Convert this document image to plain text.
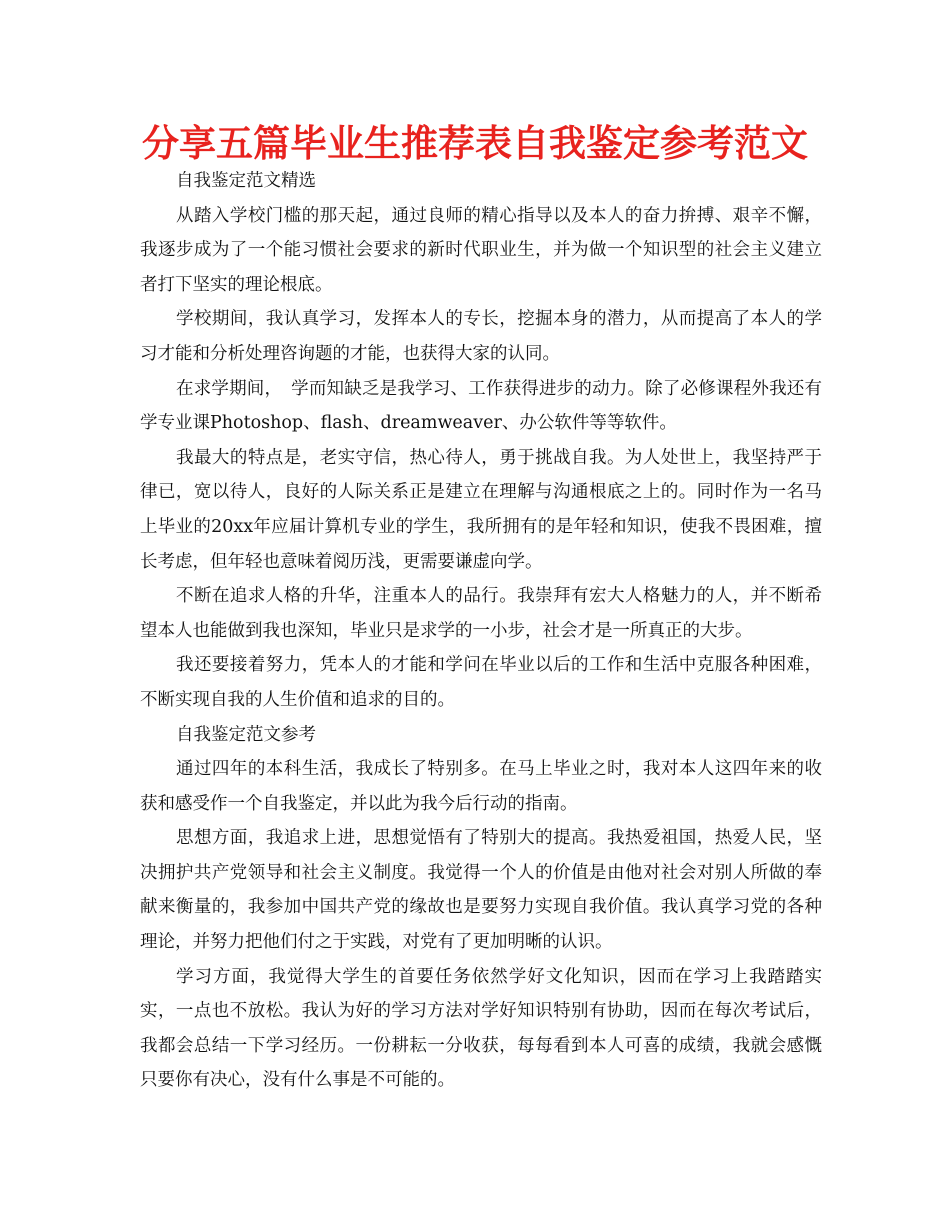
分享五篇毕业生推荐表自我鉴定参考范文

自我鉴定范文精选

从踏入学校门槛的那天起，通过良师的精心指导以及本人的奋力拚搏、艰辛不懈，我逐步成为了一个能习惯社会要求的新时代职业生，并为做一个知识型的社会主义建立者打下坚实的理论根底。

学校期间，我认真学习，发挥本人的专长，挖掘本身的潜力，从而提高了本人的学习才能和分析处理咨询题的才能，也获得大家的认同。

在求学期间，　学而知缺乏是我学习、工作获得进步的动力。除了必修课程外我还有学专业课Photoshop、flash、dreamweaver、办公软件等等软件。

我最大的特点是，老实守信，热心待人，勇于挑战自我。为人处世上，我坚持严于律已，宽以待人，良好的人际关系正是建立在理解与沟通根底之上的。同时作为一名马上毕业的20xx年应届计算机专业的学生，我所拥有的是年轻和知识，使我不畏困难，擅长考虑，但年轻也意味着阅历浅，更需要谦虚向学。

不断在追求人格的升华，注重本人的品行。我崇拜有宏大人格魅力的人，并不断希望本人也能做到我也深知，毕业只是求学的一小步，社会才是一所真正的大步。

我还要接着努力，凭本人的才能和学问在毕业以后的工作和生活中克服各种困难，不断实现自我的人生价值和追求的目的。

自我鉴定范文参考

通过四年的本科生活，我成长了特别多。在马上毕业之时，我对本人这四年来的收获和感受作一个自我鉴定，并以此为我今后行动的指南。

思想方面，我追求上进，思想觉悟有了特别大的提高。我热爱祖国，热爱人民，坚决拥护共产党领导和社会主义制度。我觉得一个人的价值是由他对社会对别人所做的奉献来衡量的，我参加中国共产党的缘故也是要努力实现自我价值。我认真学习党的各种理论，并努力把他们付之于实践，对党有了更加明晰的认识。

学习方面，我觉得大学生的首要任务依然学好文化知识，因而在学习上我踏踏实实，一点也不放松。我认为好的学习方法对学好知识特别有协助，因而在每次考试后，我都会总结一下学习经历。一份耕耘一分收获，每每看到本人可喜的成绩，我就会感慨只要你有决心，没有什么事是不可能的。
